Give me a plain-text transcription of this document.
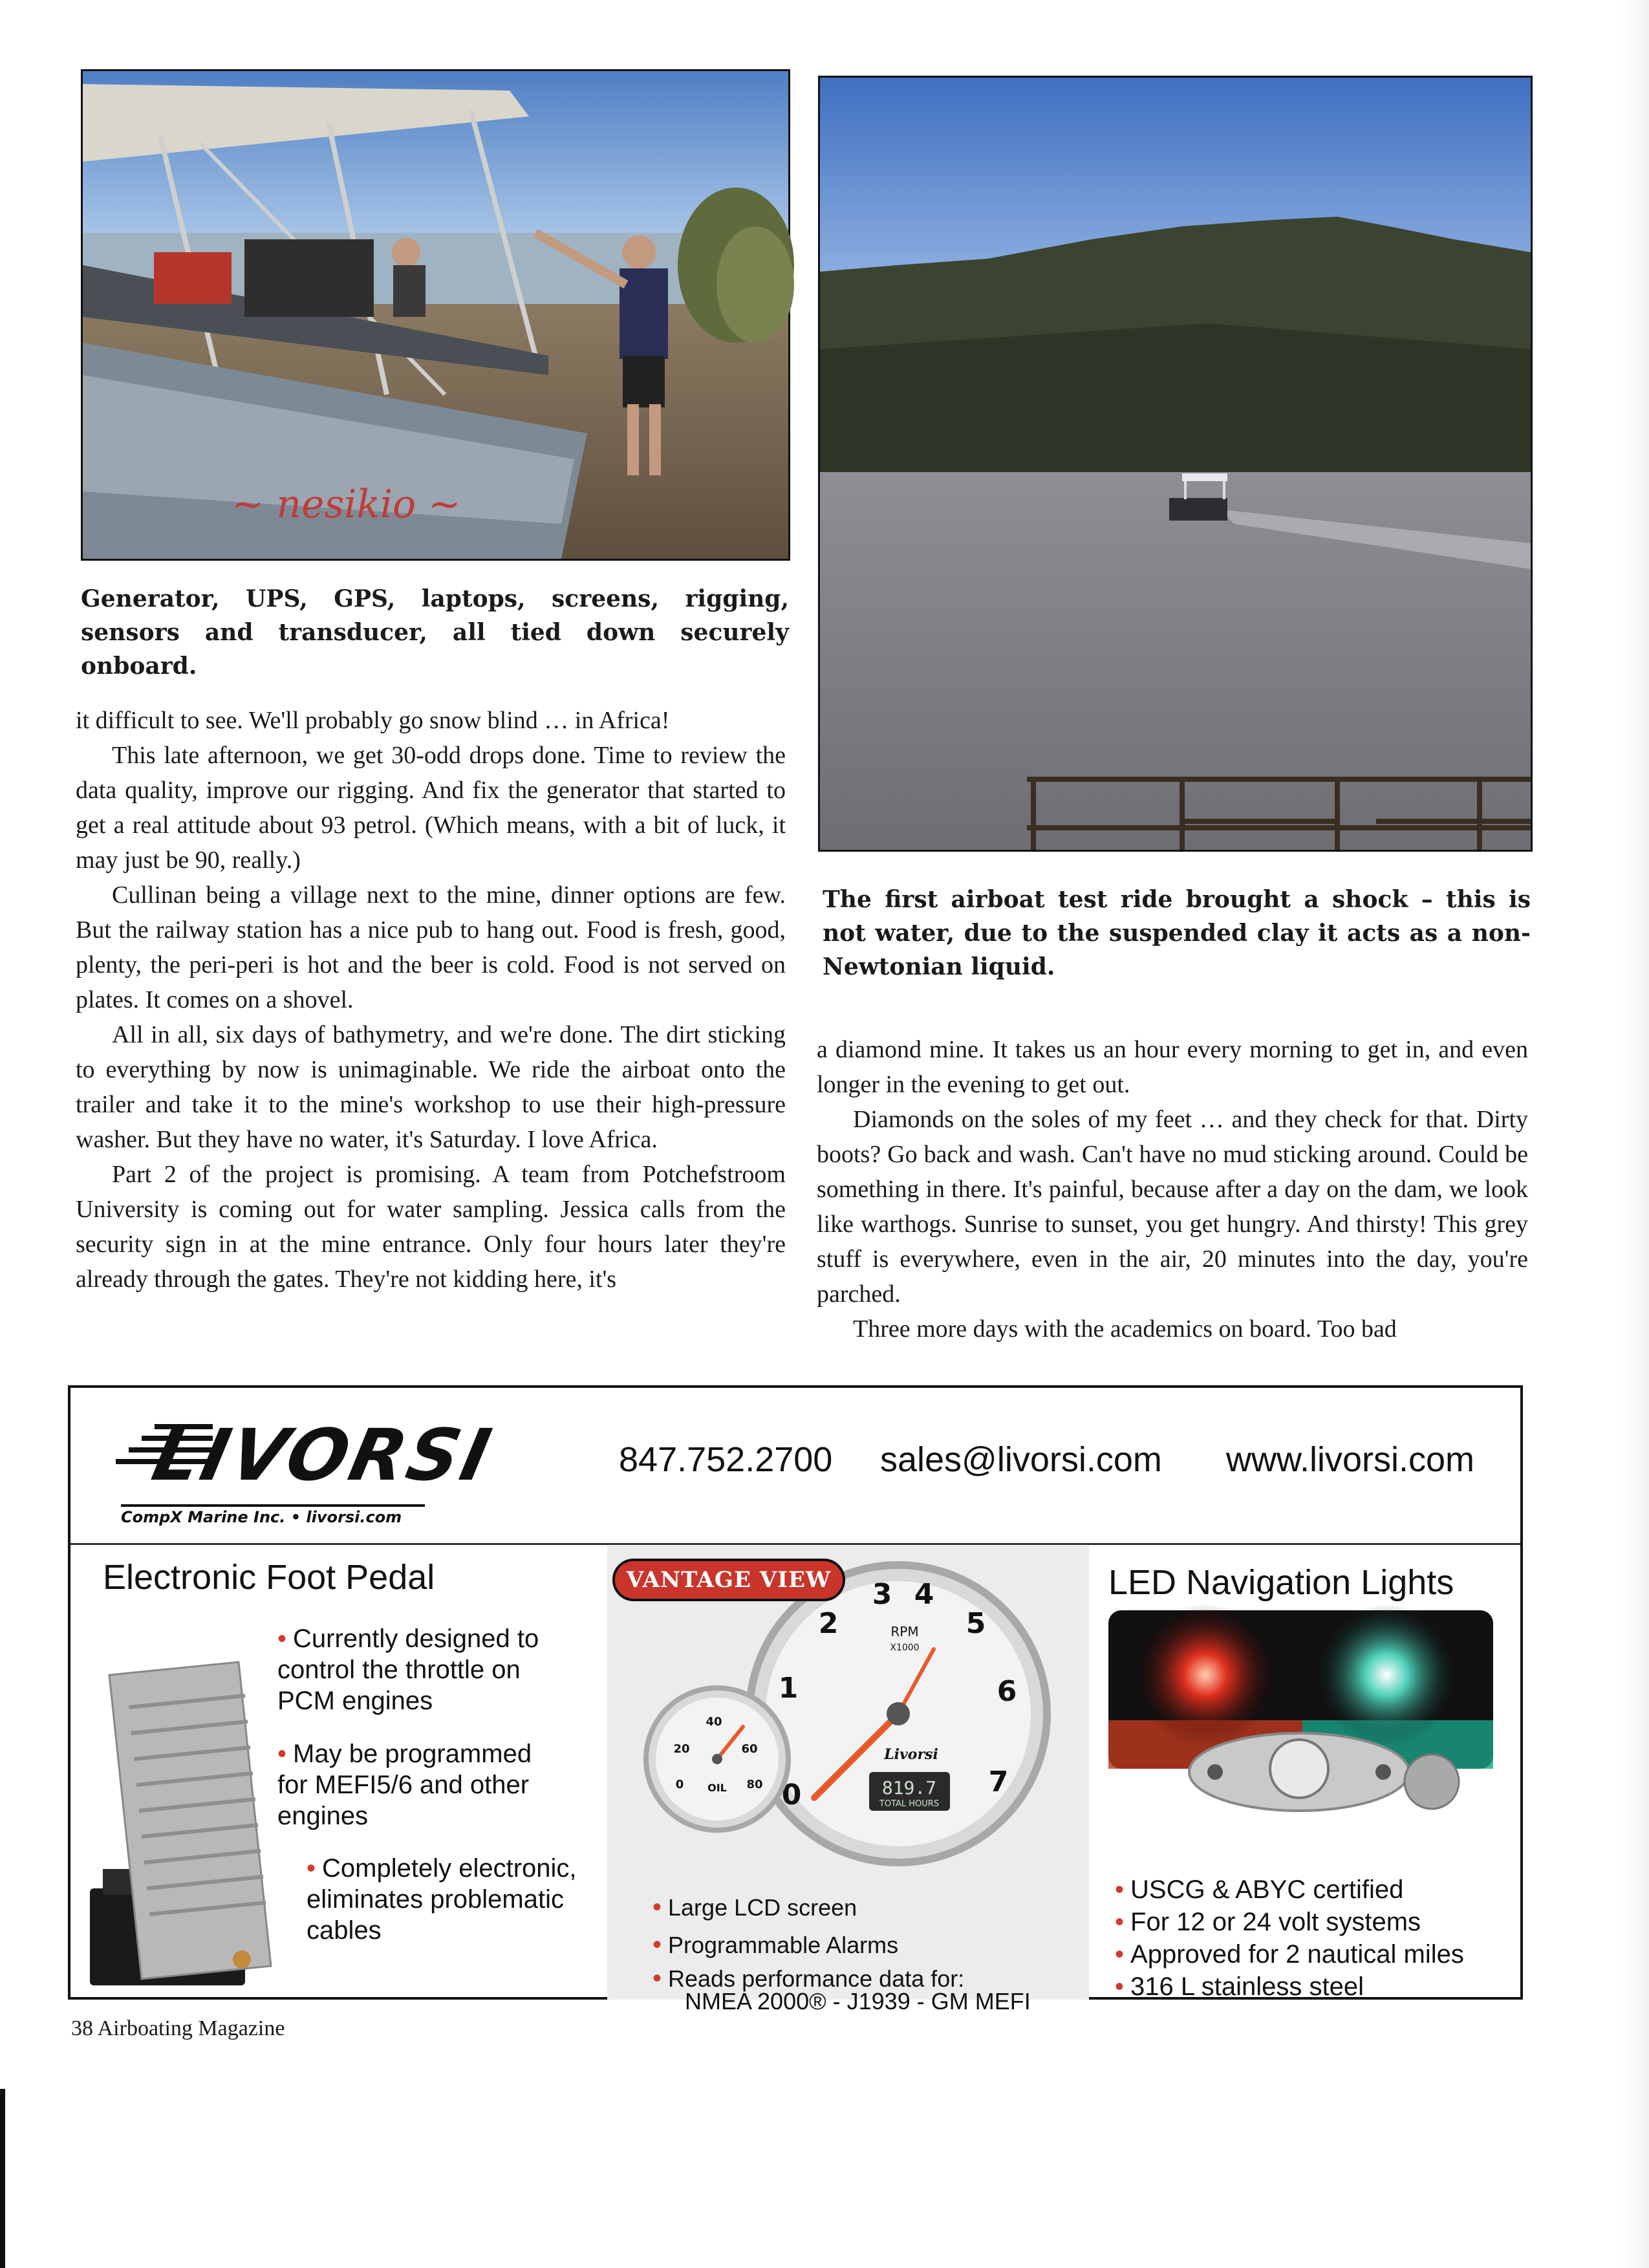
~ nesikio ~
Generator, UPS, GPS, laptops, screens, rigging, sensors and transducer, all tied down securely onboard.
The first airboat test ride brought a shock – this is not water, due to the suspended clay it acts as a non-Newtonian liquid.

it difficult to see. We'll probably go snow blind … in Africa!

This late afternoon, we get 30-odd drops done. Time to review the data quality, improve our rigging. And fix the generator that started to get a real attitude about 93 petrol. (Which means, with a bit of luck, it may just be 90, really.)

Cullinan being a village next to the mine, dinner options are few. But the railway station has a nice pub to hang out. Food is fresh, good, plenty, the peri-peri is hot and the beer is cold. Food is not served on plates. It comes on a shovel.

All in all, six days of bathymetry, and we're done. The dirt sticking to everything by now is unimaginable. We ride the airboat onto the trailer and take it to the mine's workshop to use their high-pressure washer. But they have no water, it's Saturday. I love Africa.

Part 2 of the project is promising. A team from Potchefstroom University is coming out for water sampling. Jessica calls from the security sign in at the mine entrance. Only four hours later they're already through the gates. They're not kidding here, it's

a diamond mine. It takes us an hour every morning to get in, and even longer in the evening to get out.

Diamonds on the soles of my feet … and they check for that. Dirty boots? Go back and wash. Can't have no mud sticking around. Could be something in there. It's painful, because after a day on the dam, we look like warthogs. Sunrise to sunset, you get hungry. And thirsty! This grey stuff is everywhere, even in the air, 20 minutes into the day, you're parched.

Three more days with the academics on board. Too bad

LIVORSI
CompX Marine Inc. • livorsi.com
847.752.2700 sales@livorsi.com www.livorsi.com
Electronic Foot Pedal
• Currently designed to control the throttle on PCM engines
• May be programmed for MEFI5/6 and other engines
• Completely electronic, eliminates problematic cables
0
1
2
3 4
5
6
7
RPM
X1000
Livorsi
819.7
TOTAL HOURS
20
40
60
0	80
OIL
VANTAGE VIEW
• Large LCD screen
• Programmable Alarms
• Reads performance data for:
NMEA 2000® - J1939 - GM MEFI
LED Navigation Lights
• USCG & ABYC certified
• For 12 or 24 volt systems
• Approved for 2 nautical miles
• 316 L stainless steel
38 Airboating Magazine
